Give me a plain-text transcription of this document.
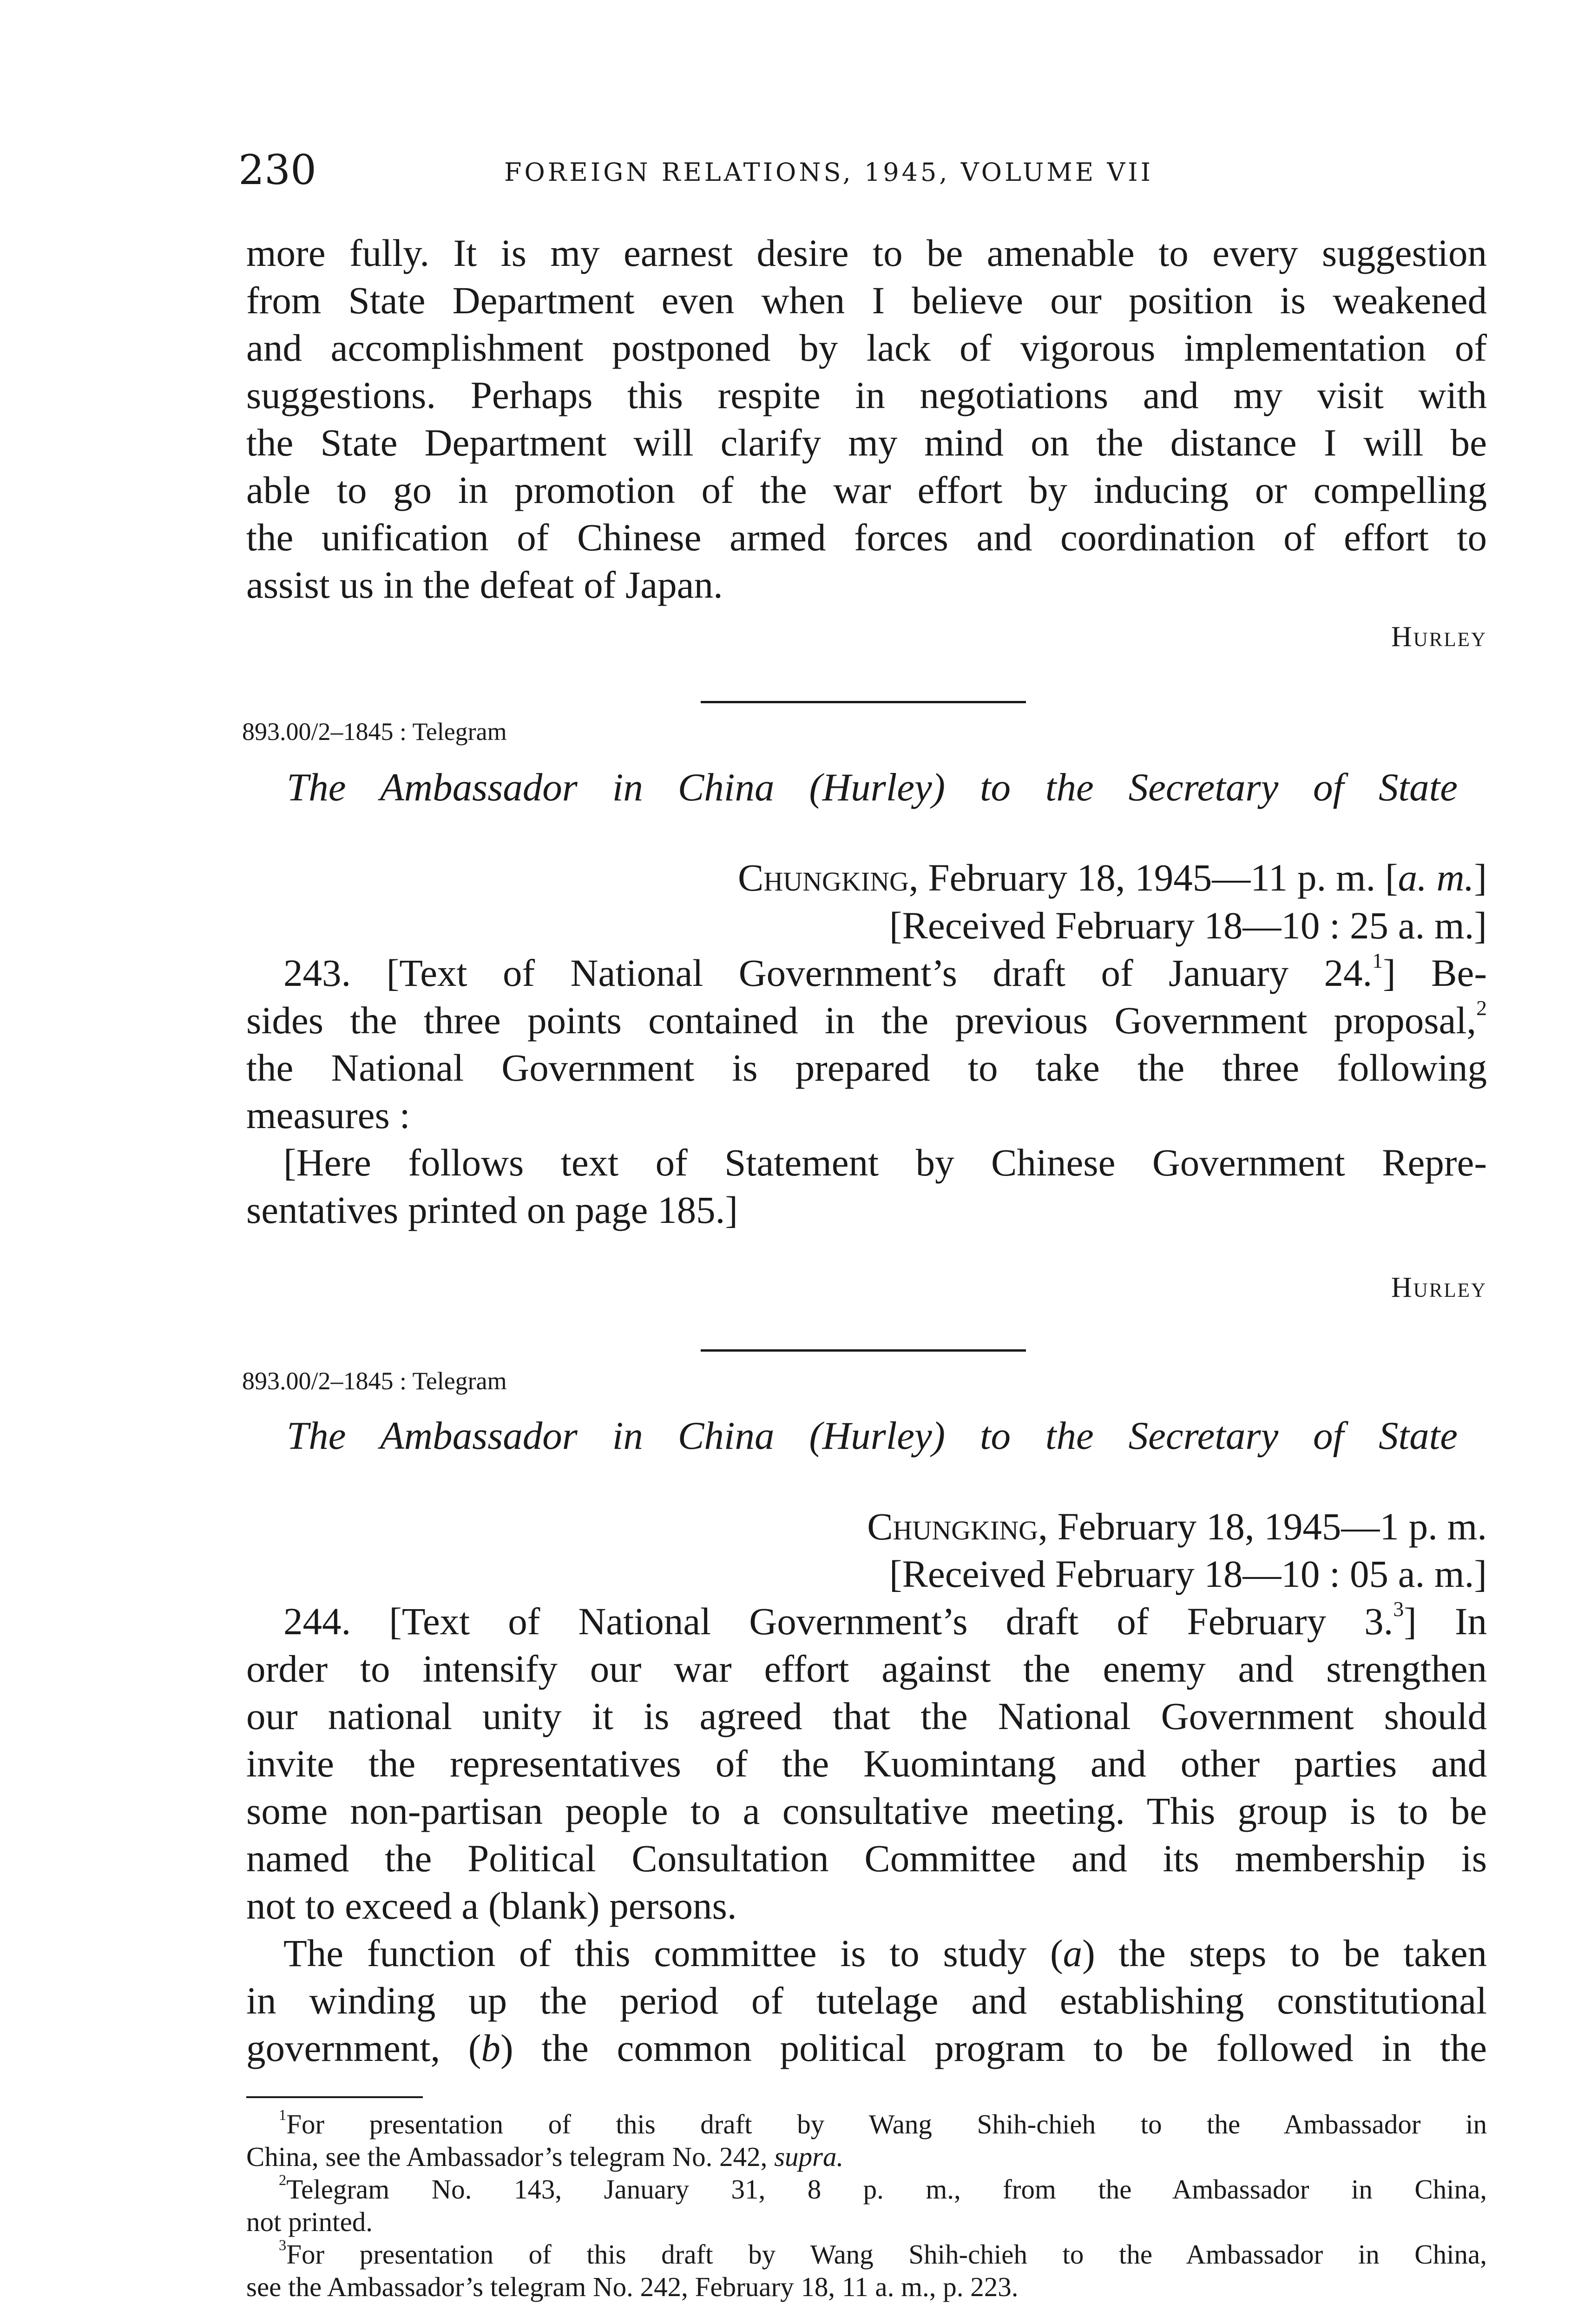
230	FOREIGN RELATIONS, 1945, VOLUME VII
more fully. It is my earnest desire to be amenable to every suggestion
from State Department even when I believe our position is weakened
and accomplishment postponed by lack of vigorous implementation of
suggestions. Perhaps this respite in negotiations and my visit with
the State Department will clarify my mind on the distance I will be
able to go in promotion of the war effort by inducing or compelling
the unification of Chinese armed forces and coordination of effort to
assist us in the defeat of Japan.
Hurley
893.00/2–1845 : Telegram
The Ambassador in China (Hurley) to the Secretary of State
Chungking, February 18, 1945—11 p. m. [a. m.]
[Received February 18—10 : 25 a. m.]
243. [Text of National Government’s draft of January 24.$^1$] Be-
sides the three points contained in the previous Government proposal,$^2$
the National Government is prepared to take the three following
measures :
[Here follows text of Statement by Chinese Government Repre-
sentatives printed on page 185.]
Hurley
893.00/2–1845 : Telegram
The Ambassador in China (Hurley) to the Secretary of State
Chungking, February 18, 1945—1 p. m.
[Received February 18—10 : 05 a. m.]
244. [Text of National Government’s draft of February 3.$^3$] In
order to intensify our war effort against the enemy and strengthen
our national unity it is agreed that the National Government should
invite the representatives of the Kuomintang and other parties and
some non-partisan people to a consultative meeting. This group is to be
named the Political Consultation Committee and its membership is
not to exceed a (blank) persons.
The function of this committee is to study (a) the steps to be taken
in winding up the period of tutelage and establishing constitutional
government, (b) the common political program to be followed in the
$^1$For presentation of this draft by Wang Shih-chieh to the Ambassador in
China, see the Ambassador’s telegram No. 242, supra.
$^2$Telegram No. 143, January 31, 8 p. m., from the Ambassador in China,
not printed.
$^3$For presentation of this draft by Wang Shih-chieh to the Ambassador in China,
see the Ambassador’s telegram No. 242, February 18, 11 a. m., p. 223.
